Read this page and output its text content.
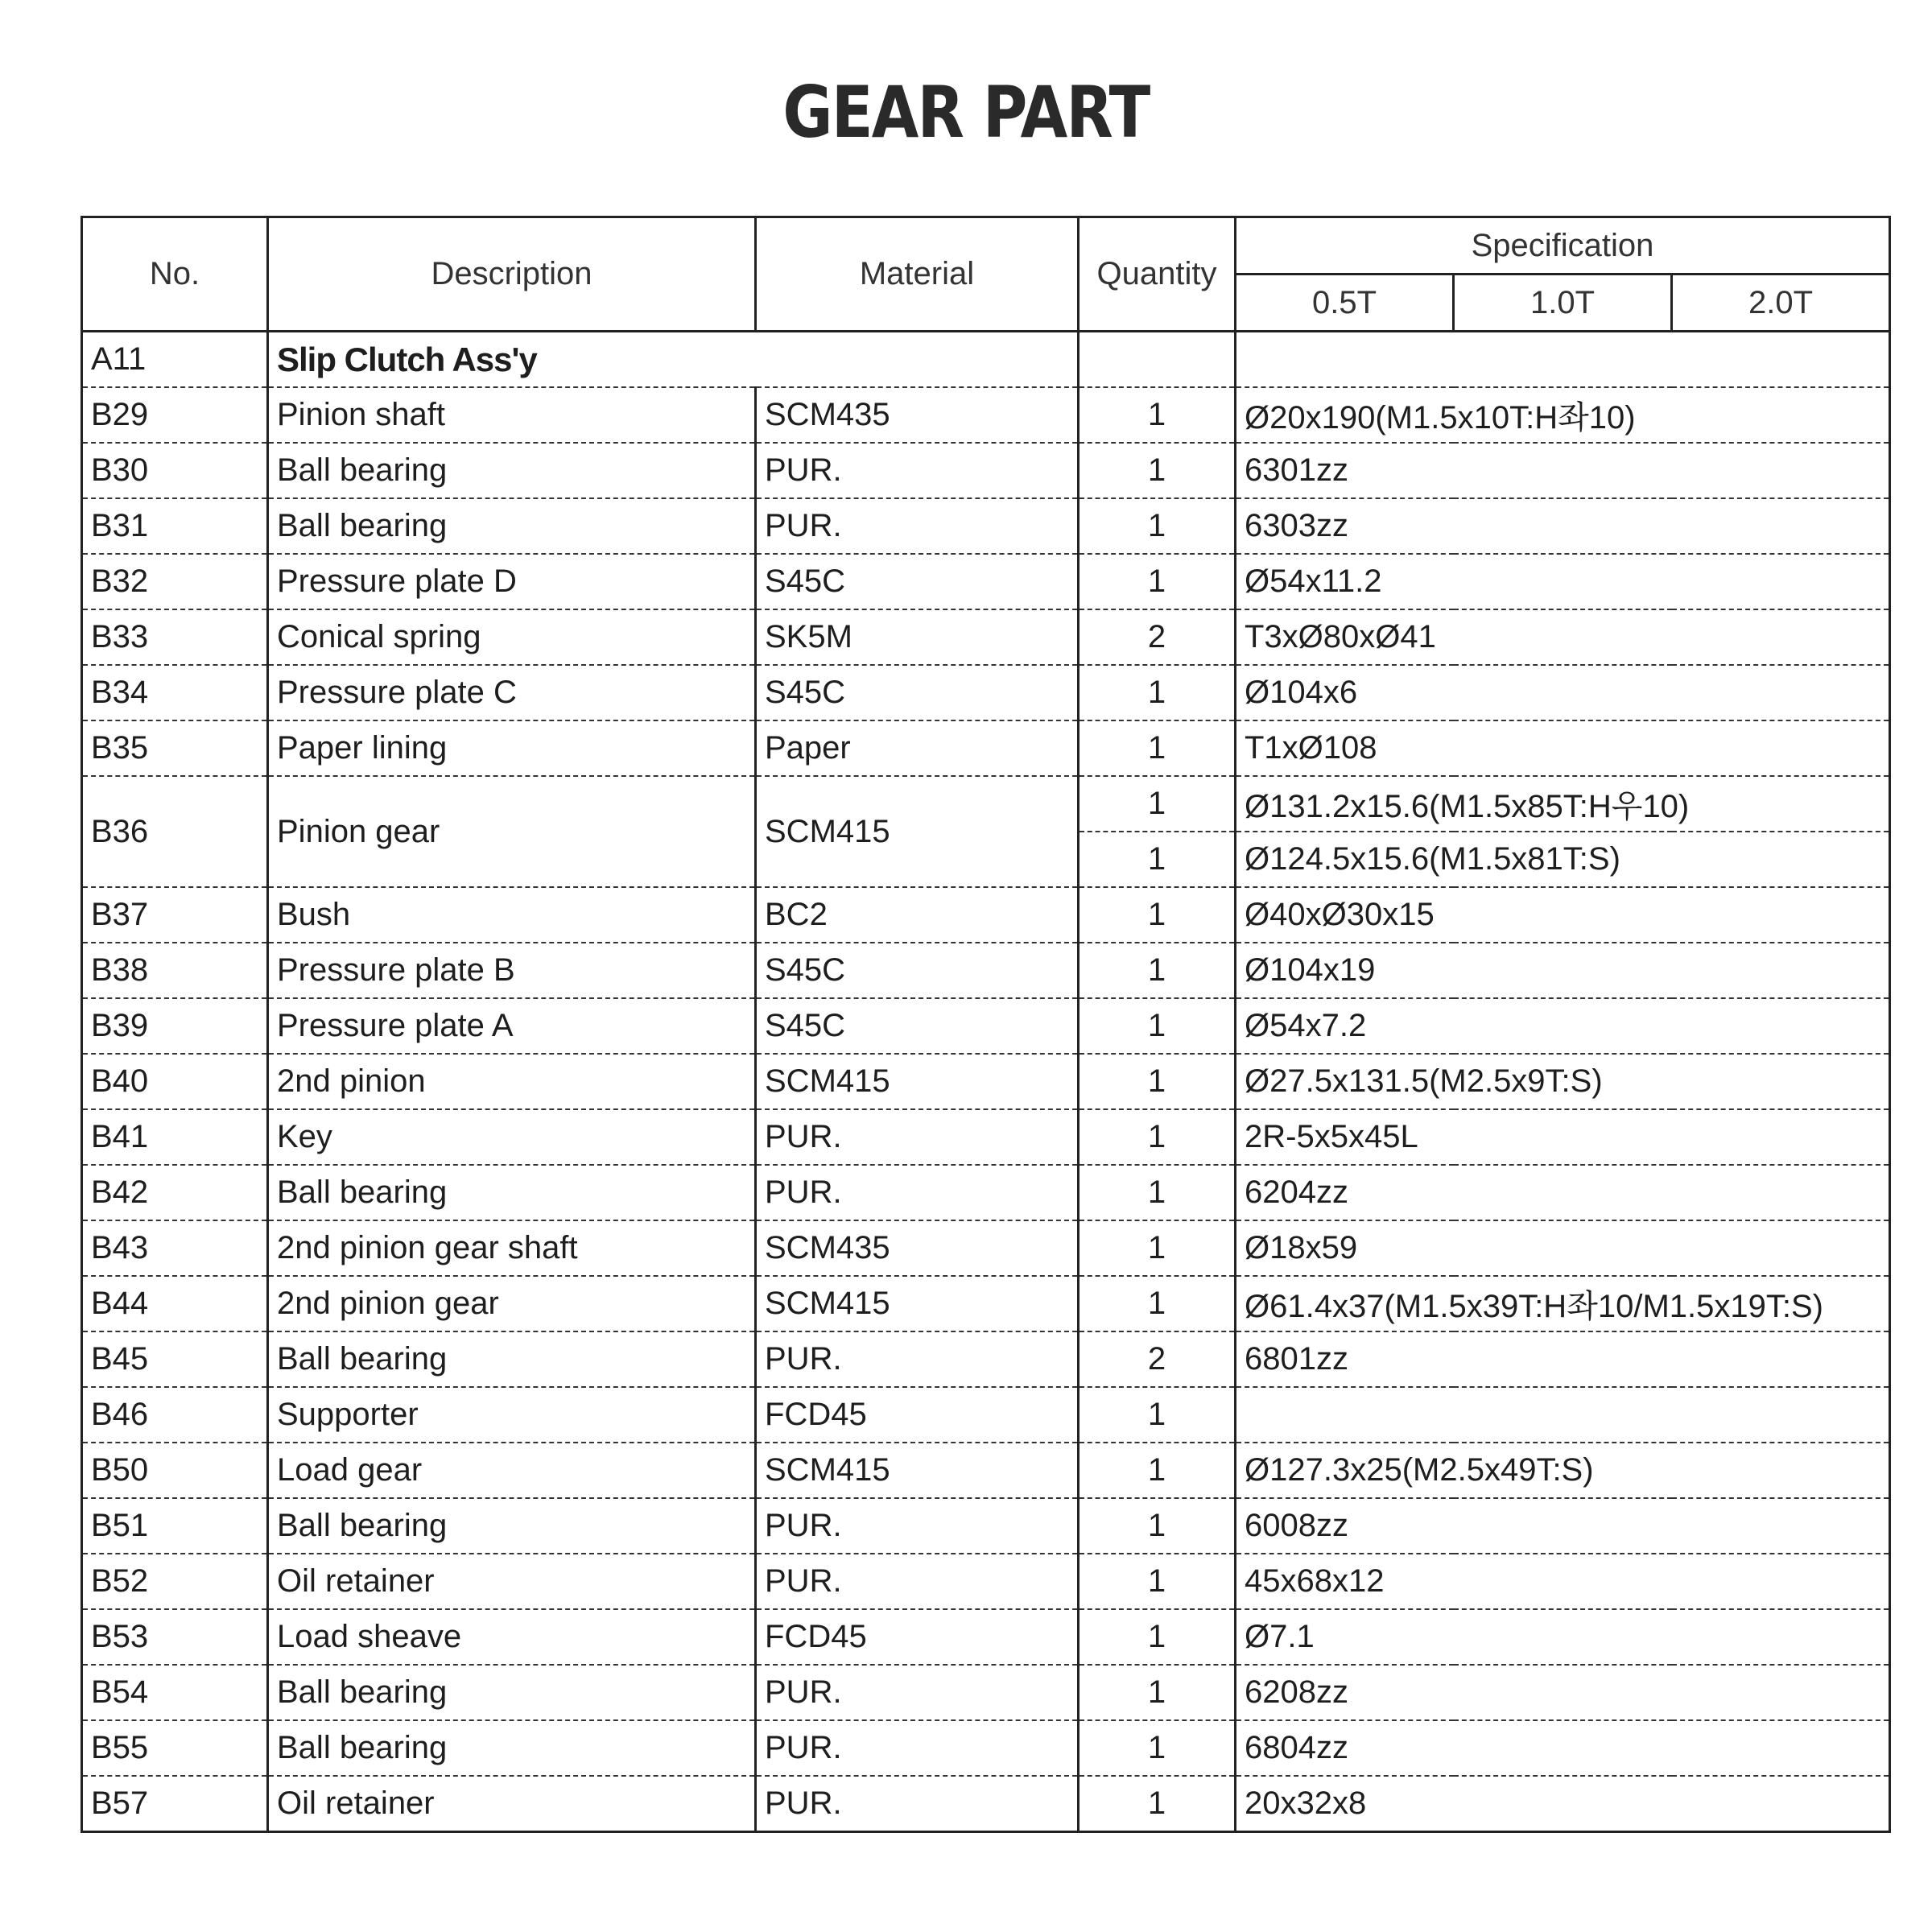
GEAR PART
No.	Description	Material	Quantity	Specification		
				0.5T	1.0T	2.0T
A11	Slip Clutch Ass'y					
B29	Pinion shaft	SCM435	1	Ø20x190(M1.5x10T:H좌10)		
B30	Ball bearing	PUR.	1	6301zz		
B31	Ball bearing	PUR.	1	6303zz		
B32	Pressure plate D	S45C	1	Ø54x11.2		
B33	Conical spring	SK5M	2	T3xØ80xØ41		
B34	Pressure plate C	S45C	1	Ø104x6		
B35	Paper lining	Paper	1	T1xØ108		
B36	Pinion gear	SCM415	1	Ø131.2x15.6(M1.5x85T:H우10)		
			1	Ø124.5x15.6(M1.5x81T:S)		
B37	Bush	BC2	1	Ø40xØ30x15		
B38	Pressure plate B	S45C	1	Ø104x19		
B39	Pressure plate A	S45C	1	Ø54x7.2		
B40	2nd pinion	SCM415	1	Ø27.5x131.5(M2.5x9T:S)		
B41	Key	PUR.	1	2R-5x5x45L		
B42	Ball bearing	PUR.	1	6204zz		
B43	2nd pinion gear shaft	SCM435	1	Ø18x59		
B44	2nd pinion gear	SCM415	1	Ø61.4x37(M1.5x39T:H좌10/M1.5x19T:S)		
B45	Ball bearing	PUR.	2	6801zz		
B46	Supporter	FCD45	1			
B50	Load gear	SCM415	1	Ø127.3x25(M2.5x49T:S)		
B51	Ball bearing	PUR.	1	6008zz		
B52	Oil retainer	PUR.	1	45x68x12		
B53	Load sheave	FCD45	1	Ø7.1		
B54	Ball bearing	PUR.	1	6208zz		
B55	Ball bearing	PUR.	1	6804zz		
B57	Oil retainer	PUR.	1	20x32x8		
